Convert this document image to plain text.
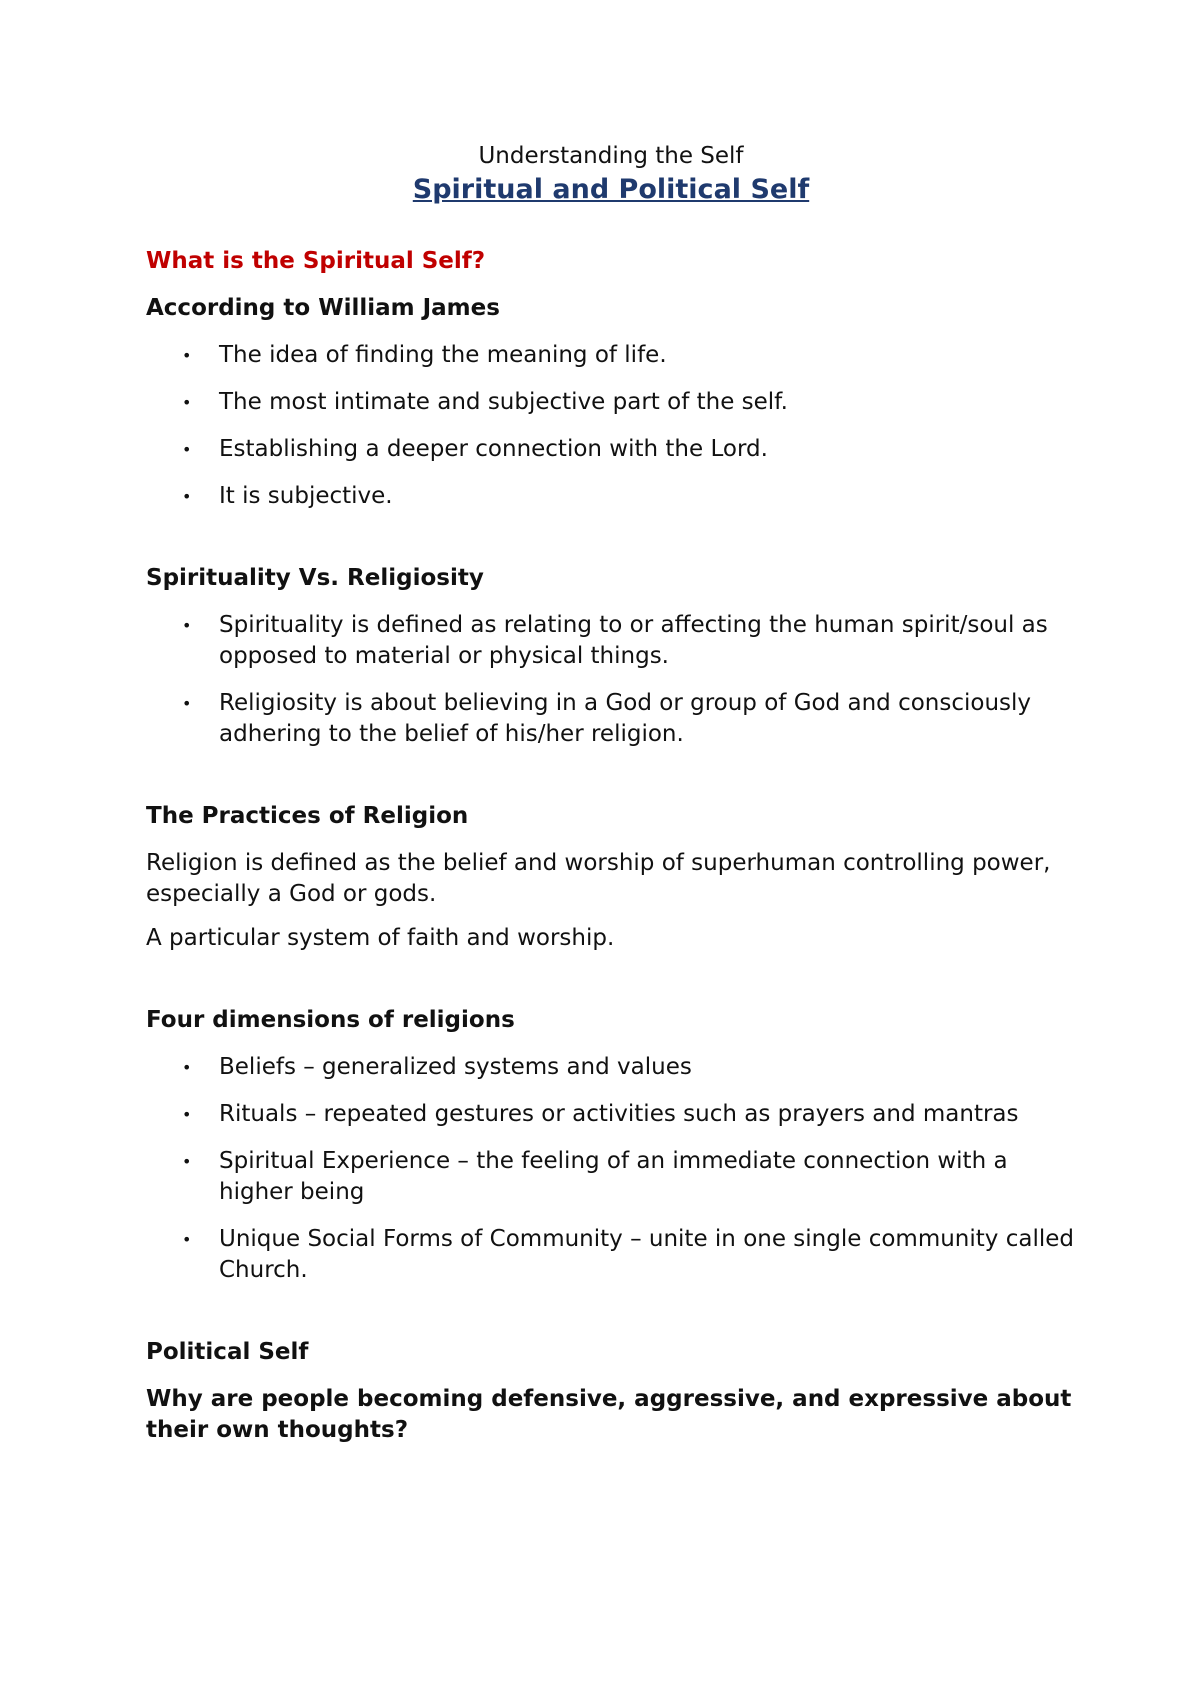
Understanding the Self

Spiritual and Political Self

What is the Spiritual Self?

According to William James

• The idea of finding the meaning of life.
• The most intimate and subjective part of the self.
• Establishing a deeper connection with the Lord.
• It is subjective.

Spirituality Vs. Religiosity

• Spirituality is defined as relating to or affecting the human spirit/soul as opposed to material or physical things.
• Religiosity is about believing in a God or group of God and consciously adhering to the belief of his/her religion.

The Practices of Religion

Religion is defined as the belief and worship of superhuman controlling power, especially a God or gods.

A particular system of faith and worship.

Four dimensions of religions

• Beliefs – generalized systems and values
• Rituals – repeated gestures or activities such as prayers and mantras
• Spiritual Experience – the feeling of an immediate connection with a higher being
• Unique Social Forms of Community – unite in one single community called Church.

Political Self

Why are people becoming defensive, aggressive, and expressive about their own thoughts?
